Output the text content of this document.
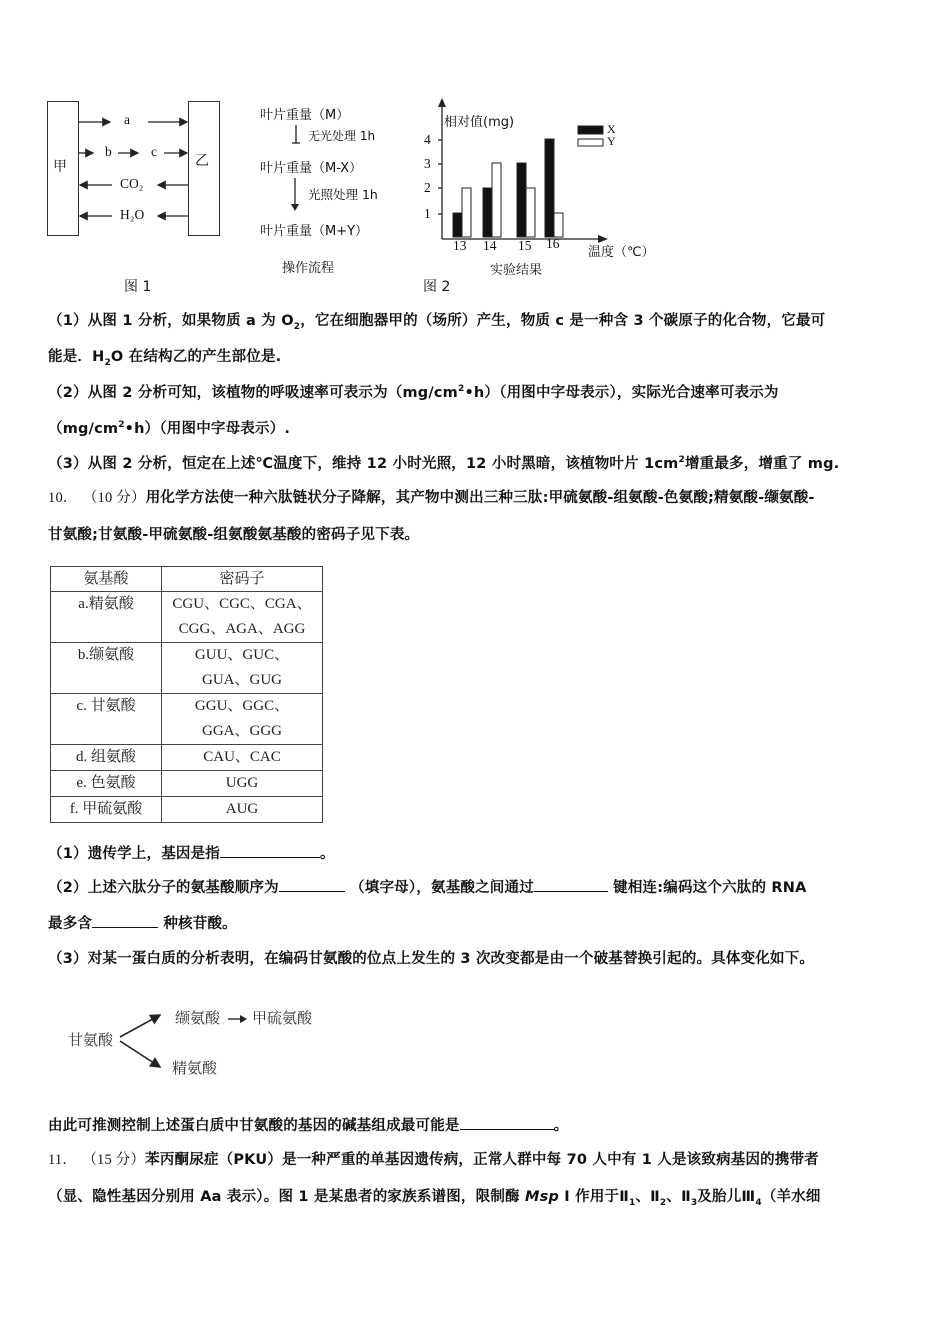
甲	乙
a
b	c
CO₂
H₂O
图 1
叶片重量（M）
无光处理 1h
叶片重量（M-X）
光照处理 1h
叶片重量（M+Y）
操作流程
相对值(mg)	X
Y
4
3
2
1
13 14 15 16
温度（℃）
实验结果
图 2
（1）从图 1 分析，如果物质 a 为 $O_2$，它在细胞器甲的（场所）产生，物质 c 是一种含 3 个碳原子的化合物，它最可
能是．$H_2O$ 在结构乙的产生部位是.
（2）从图 2 分析可知，该植物的呼吸速率可表示为$(mg/cm^2•h)$（用图中字母表示），实际光合速率可表示为
$(mg/cm^2•h)$（用图中字母表示）.
（3）从图 2 分析，恒定在上述℃温度下，维持 12 小时光照，12 小时黑暗，该植物叶片 $1cm^2$增重最多，增重了 mg.
10． （10 分）用化学方法使一种六肽链状分子降解，其产物中测出三种三肽:甲硫氨酸-组氨酸-色氨酸;精氨酸-缬氨酸-
甘氨酸;甘氨酸-甲硫氨酸-组氨酸氨基酸的密码子见下表。
氨基酸	密码子
a.精氨酸	CGU、CGC、CGA、
CGG、AGA、AGG

b.缬氨酸	GUU、GUC、
GUA、GUG

c. 甘氨酸	GGU、GGC、
GGA、GGG

d. 组氨酸	CAU、CAC
e. 色氨酸	UGG
f. 甲硫氨酸	AUG
（1）遗传学上，基因是指	。
（2）上述六肽分子的氨基酸顺序为	（填字母），氨基酸之间通过	键相连:编码这个六肽的 RNA
最多含	种核苷酸。
（3）对某一蛋白质的分析表明，在编码甘氨酸的位点上发生的 3 次改变都是由一个破基替换引起的。具体变化如下。
甘氨酸
缬氨酸 甲硫氨酸
精氨酸
由此可推测控制上述蛋白质中甘氨酸的基因的碱基组成最可能是	。
11． （15 分）苯丙酮尿症（PKU）是一种严重的单基因遗传病，正常人群中每 70 人中有 1 人是该致病基因的携带者
（显、隐性基因分别用 Aa 表示）。图 1 是某患者的家族系谱图，限制酶 Msp I 作用于$Ⅱ_1$、$Ⅱ_2$、$Ⅱ_3$及胎儿$Ⅲ_4$（羊水细
